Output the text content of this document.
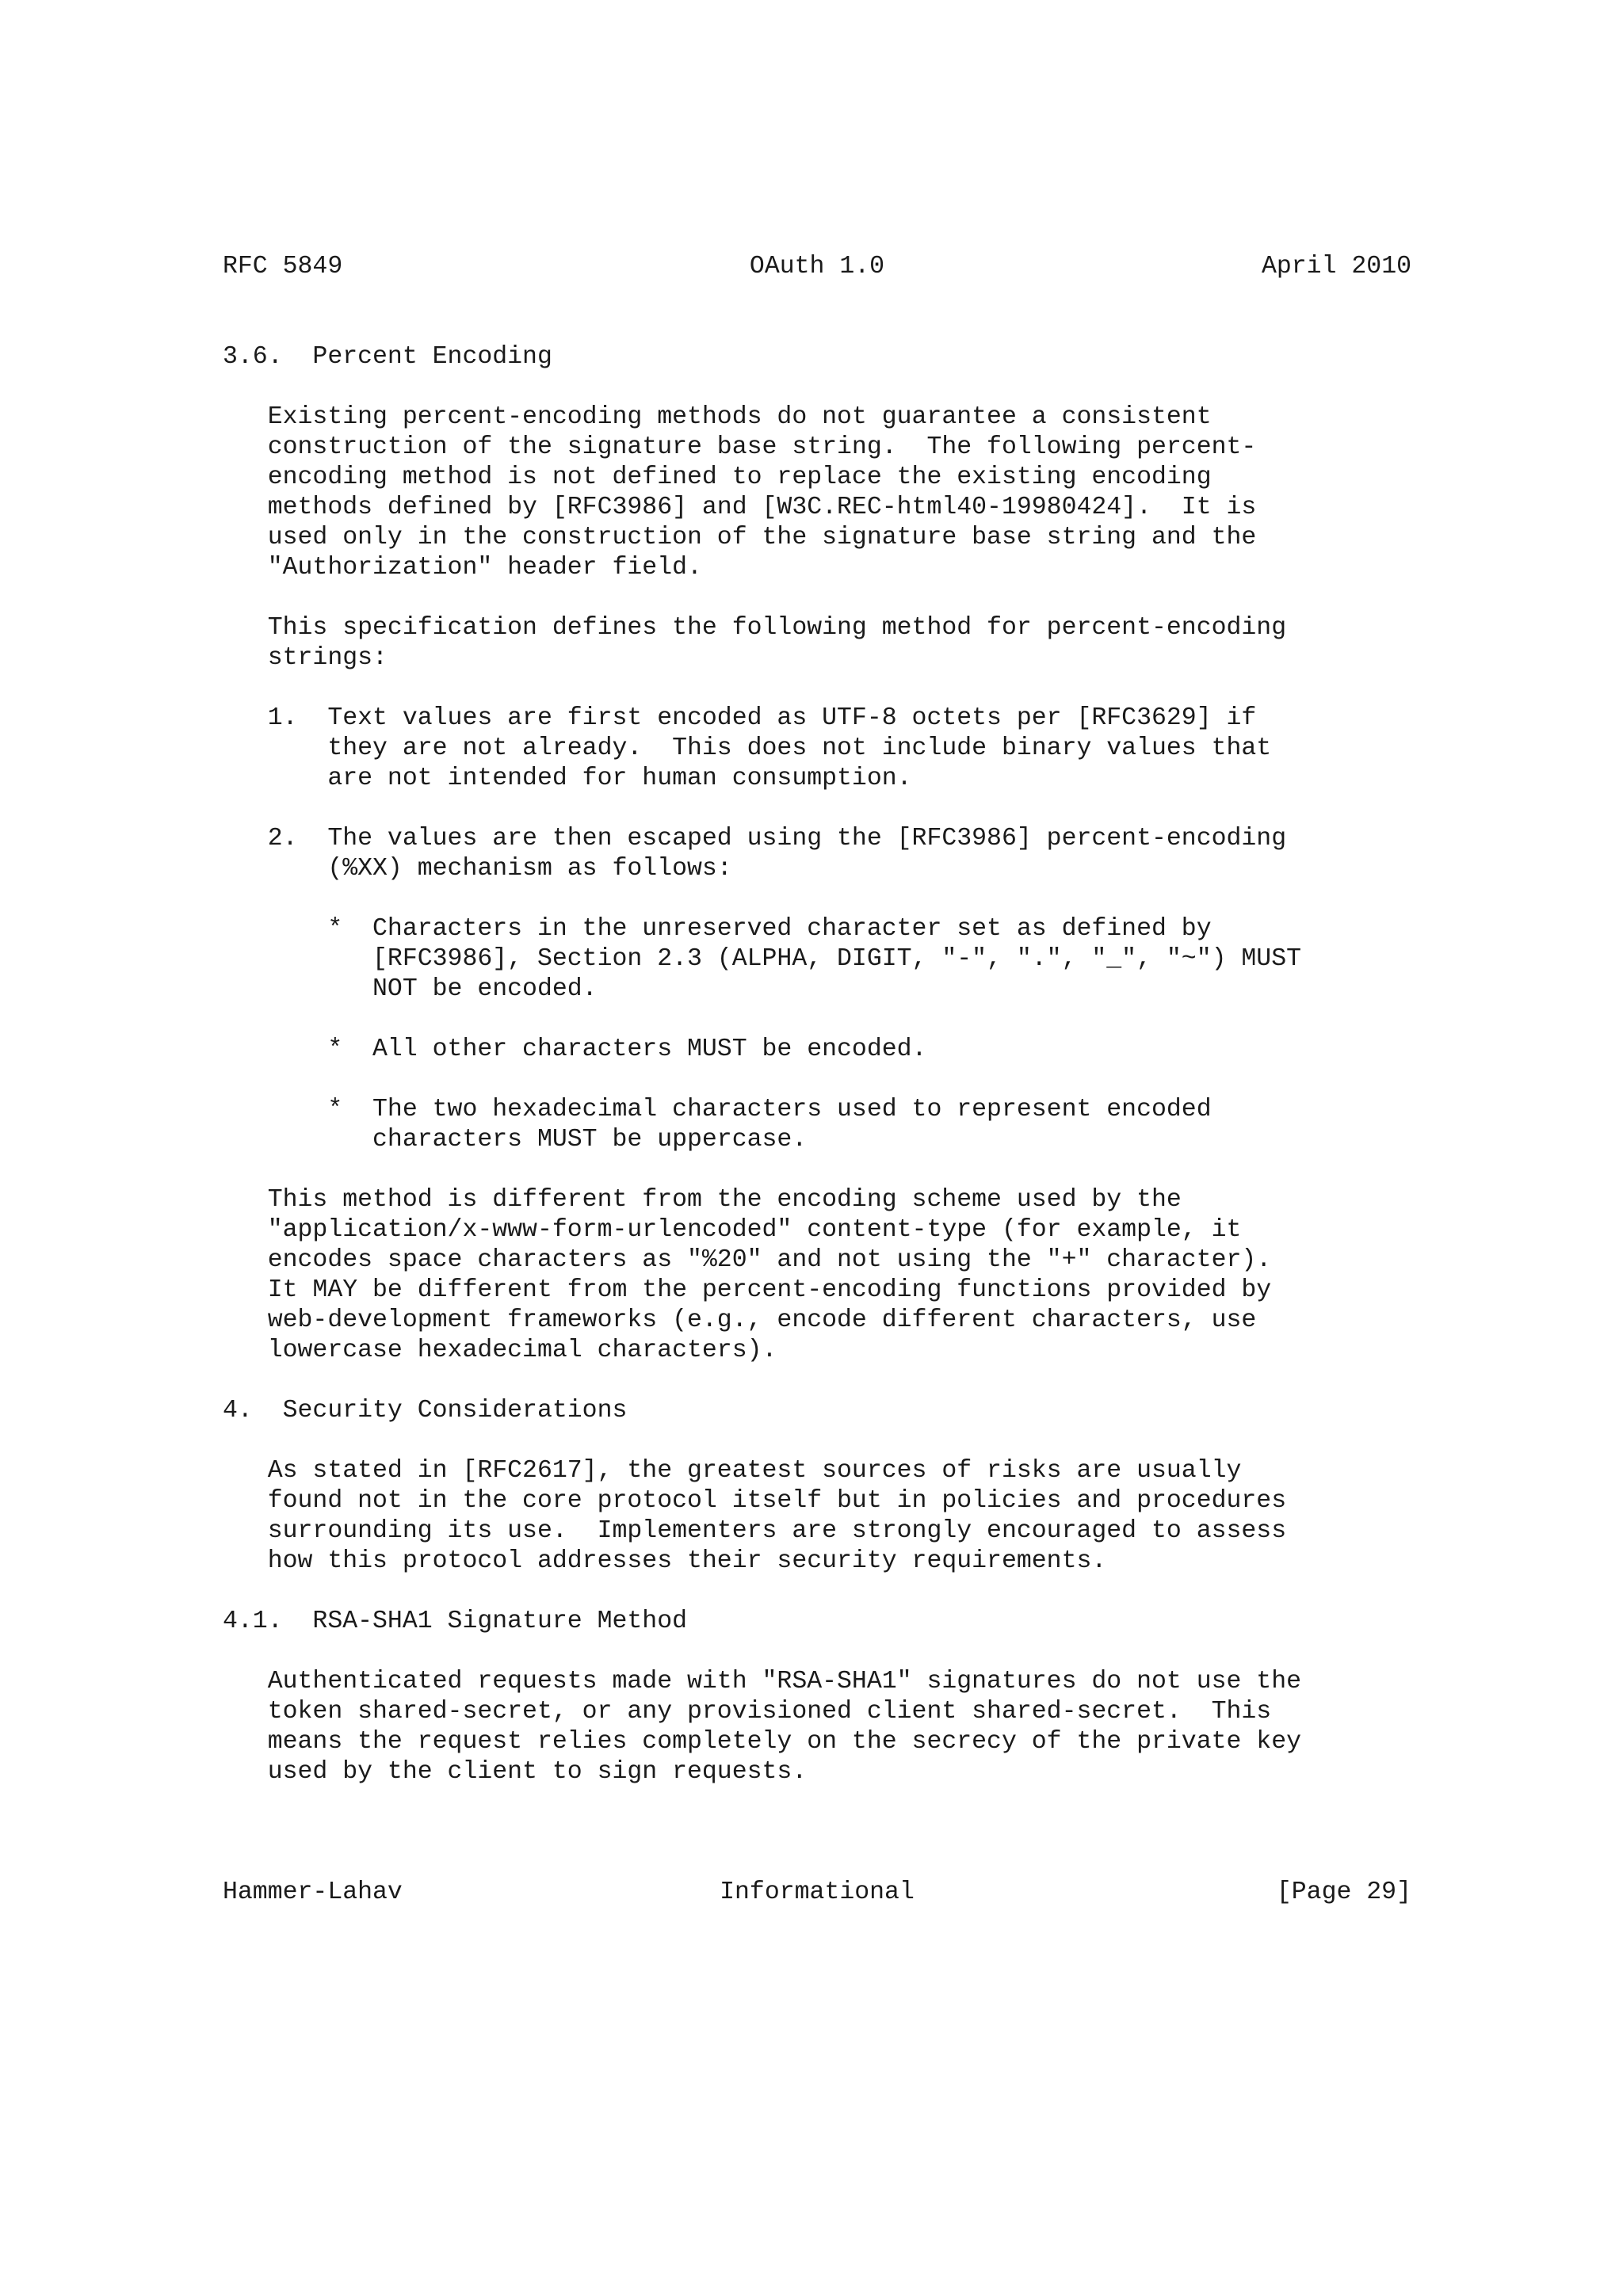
RFC 5849

	OAuth 1.0

	April 2010

3.6.  Percent Encoding
Existing percent-encoding methods do not guarantee a consistent
construction of the signature base string.  The following percent-
encoding method is not defined to replace the existing encoding
methods defined by [RFC3986] and [W3C.REC-html40-19980424].  It is
used only in the construction of the signature base string and the
"Authorization" header field.
This specification defines the following method for percent-encoding
strings:
1.  Text values are first encoded as UTF-8 octets per [RFC3629] if
they are not already.  This does not include binary values that
are not intended for human consumption.
2.  The values are then escaped using the [RFC3986] percent-encoding
(%XX) mechanism as follows:
*  Characters in the unreserved character set as defined by
[RFC3986], Section 2.3 (ALPHA, DIGIT, "-", ".", "_", "~") MUST
NOT be encoded.
*  All other characters MUST be encoded.
*  The two hexadecimal characters used to represent encoded
characters MUST be uppercase.
This method is different from the encoding scheme used by the
"application/x-www-form-urlencoded" content-type (for example, it
encodes space characters as "%20" and not using the "+" character).
It MAY be different from the percent-encoding functions provided by
web-development frameworks (e.g., encode different characters, use
lowercase hexadecimal characters).
4.  Security Considerations
As stated in [RFC2617], the greatest sources of risks are usually
found not in the core protocol itself but in policies and procedures
surrounding its use.  Implementers are strongly encouraged to assess
how this protocol addresses their security requirements.
4.1.  RSA-SHA1 Signature Method
Authenticated requests made with "RSA-SHA1" signatures do not use the
token shared-secret, or any provisioned client shared-secret.  This
means the request relies completely on the secrecy of the private key
used by the client to sign requests.

Hammer-Lahav

	Informational

	[Page 29]
